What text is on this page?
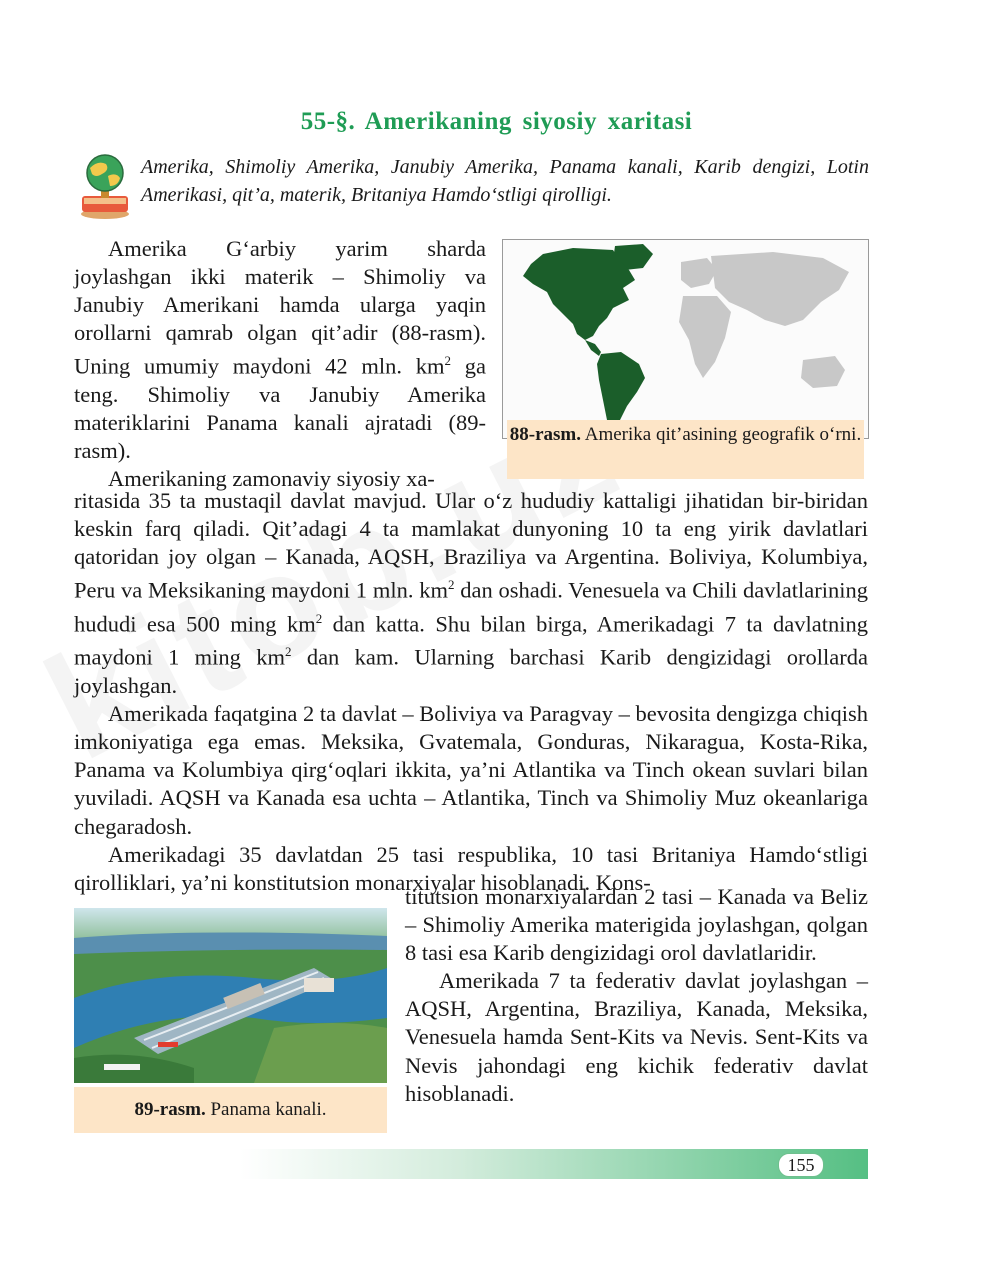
55-§. Amerikaning siyosiy xaritasi
Amerika, Shimoliy Amerika, Janubiy Amerika, Panama kanali, Karib dengizi, Lotin Amerikasi, qit’a, materik, Britaniya Hamdo‘stligi qirolligi.

Amerika G‘arbiy yarim sharda joylashgan ikki materik – Shimoliy va Janubiy Amerikani hamda ularga yaqin orollarni qamrab olgan qit’adir (88-rasm). Uning umumiy maydoni 42 mln. $km^2$ ga teng. Shimoliy va Janubiy Amerika materiklarini Panama kanali ajratadi (89-rasm).

Amerikaning zamonaviy siyosiy xa-

88-rasm. Amerika qit’asining geografik o‘rni.

ritasida 35 ta mustaqil davlat mavjud. Ular o‘z hududiy kattaligi jihatidan bir-biridan keskin farq qiladi. Qit’adagi 4 ta mamlakat dunyoning 10 ta eng yirik davlatlari qatoridan joy olgan – Kanada, AQSH, Braziliya va Argentina. Boliviya, Kolumbiya, Peru va Meksikaning maydoni 1 mln. $km^2$ dan oshadi. Venesuela va Chili davlatlarining hududi esa 500 ming $km^2$ dan katta. Shu bilan birga, Amerikadagi 7 ta davlatning maydoni 1 ming $km^2$ dan kam. Ularning barchasi Karib dengizidagi orollarda joylashgan.

Amerikada faqatgina 2 ta davlat – Boliviya va Paragvay – bevosita dengizga chiqish imkoniyatiga ega emas. Meksika, Gvatemala, Gonduras, Nikaragua, Kosta-Rika, Panama va Kolumbiya qirg‘oqlari ikkita, ya’ni Atlantika va Tinch okean suvlari bilan yuviladi. AQSH va Kanada esa uchta – Atlantika, Tinch va Shimoliy Muz okeanlariga chegaradosh.

Amerikadagi 35 davlatdan 25 tasi respublika, 10 tasi Britaniya Hamdo‘stligi qirolliklari, ya’ni konstitutsion monarxiyalar hisoblanadi. Kons-

89-rasm. Panama kanali.

titutsion monarxiyalardan 2 tasi – Kanada va Beliz – Shimoliy Amerika materigida joylashgan, qolgan 8 tasi esa Karib dengizidagi orol davlatlaridir.

Amerikada 7 ta federativ davlat joylashgan – AQSH, Argentina, Braziliya, Kanada, Meksika, Venesuela hamda Sent-Kits va Nevis. Sent-Kits va Nevis jahondagi eng kichik federativ davlat hisoblanadi.

155
